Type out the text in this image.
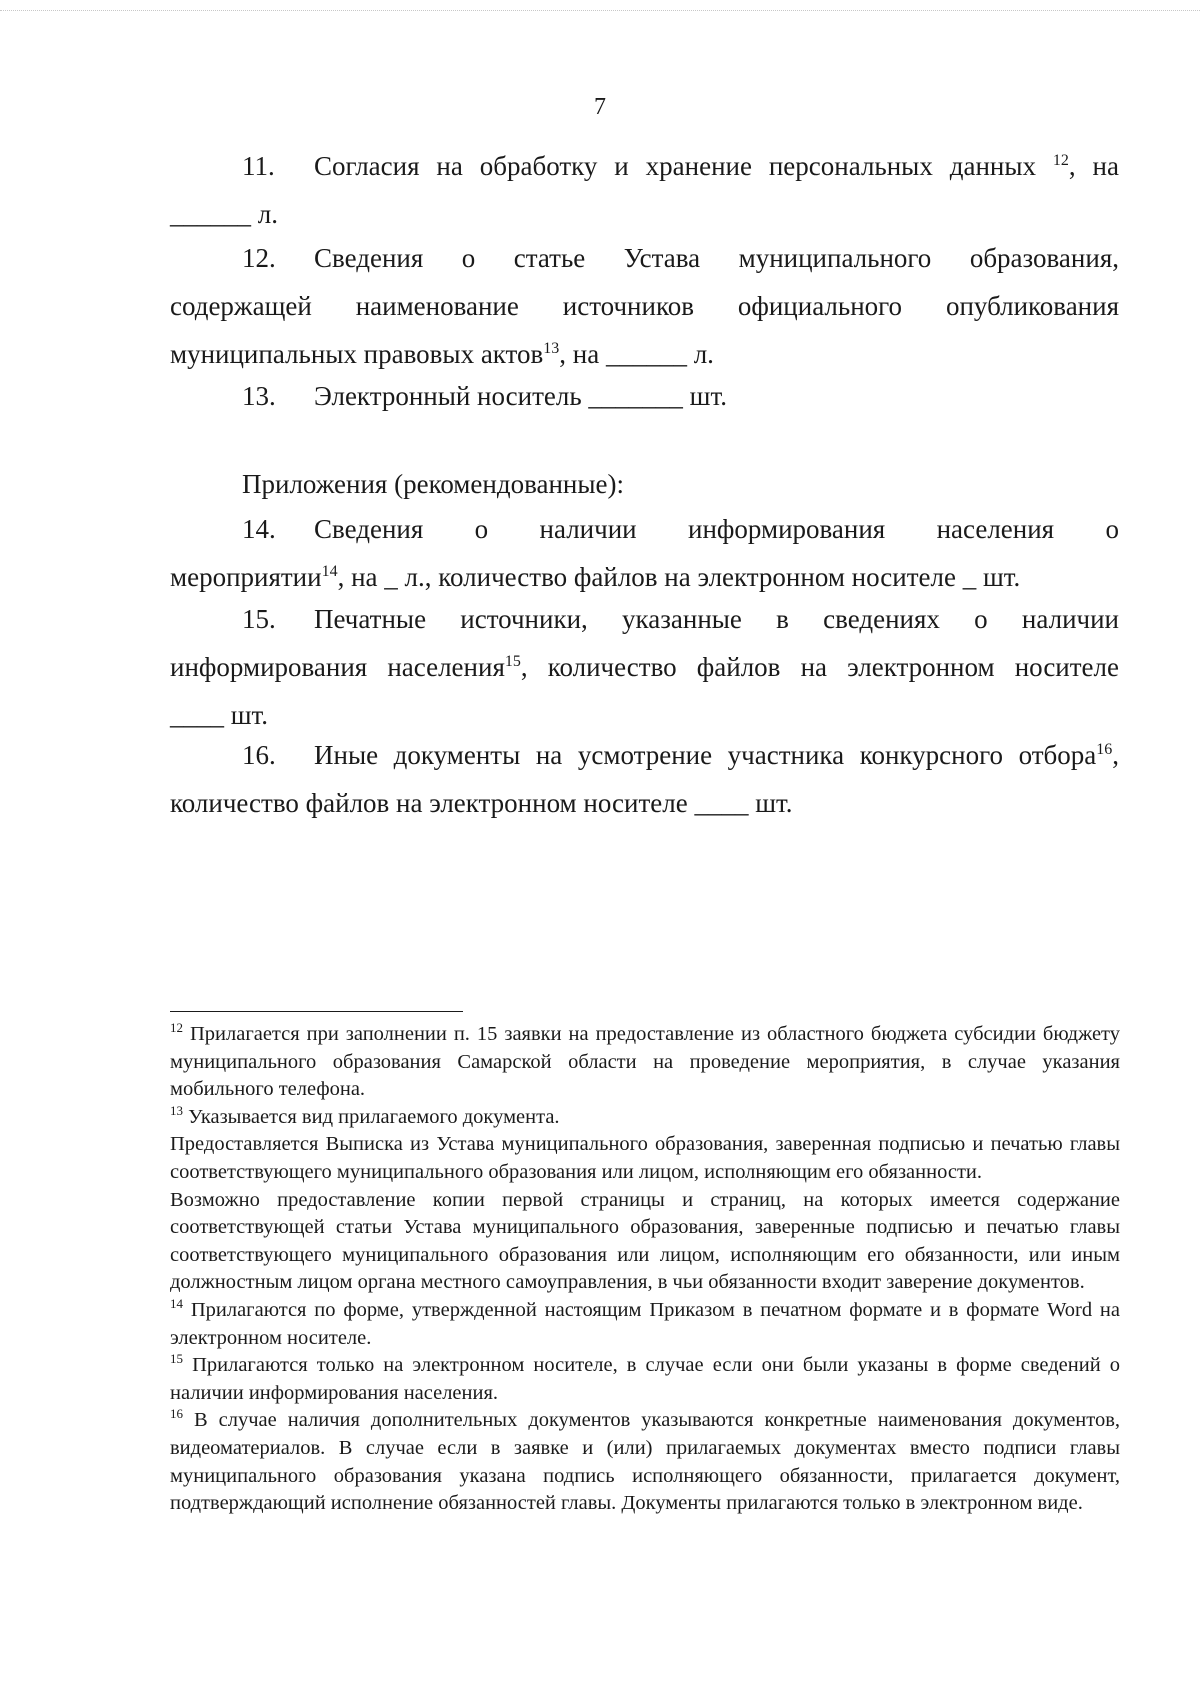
7

11. Согласия на обработку и хранение персональных данных $^{12}$, на

______ л.

12. Сведения о статье Устава муниципального образования,

содержащей наименование источников официального опубликования

муниципальных правовых актов$^{13}$, на ______ л.

13. Электронный носитель _______ шт.

Приложения (рекомендованные):

14. Сведения о наличии информирования населения о

мероприятии$^{14}$, на _ л., количество файлов на электронном носителе _ шт.

15. Печатные источники, указанные в сведениях о наличии

информирования населения$^{15}$, количество файлов на электронном носителе

____ шт.

16. Иные документы на усмотрение участника конкурсного отбора$^{16}$,

количество файлов на электронном носителе ____ шт.

$^{12}$ Прилагается при заполнении п. 15 заявки на предоставление из областного бюджета субсидии бюджету муниципального образования Самарской области на проведение мероприятия, в случае указания мобильного телефона.

$^{13}$ Указывается вид прилагаемого документа.

Предоставляется Выписка из Устава муниципального образования, заверенная подписью и печатью главы соответствующего муниципального образования или лицом, исполняющим его обязанности.

Возможно предоставление копии первой страницы и страниц, на которых имеется содержание соответствующей статьи Устава муниципального образования, заверенные подписью и печатью главы соответствующего муниципального образования или лицом, исполняющим его обязанности, или иным должностным лицом органа местного самоуправления, в чьи обязанности входит заверение документов.

$^{14}$ Прилагаются по форме, утвержденной настоящим Приказом в печатном формате и в формате Word на электронном носителе.

$^{15}$ Прилагаются только на электронном носителе, в случае если они были указаны в форме сведений о наличии информирования населения.

$^{16}$ В случае наличия дополнительных документов указываются конкретные наименования документов, видеоматериалов. В случае если в заявке и (или) прилагаемых документах вместо подписи главы муниципального образования указана подпись исполняющего обязанности, прилагается документ, подтверждающий исполнение обязанностей главы. Документы прилагаются только в электронном виде.
